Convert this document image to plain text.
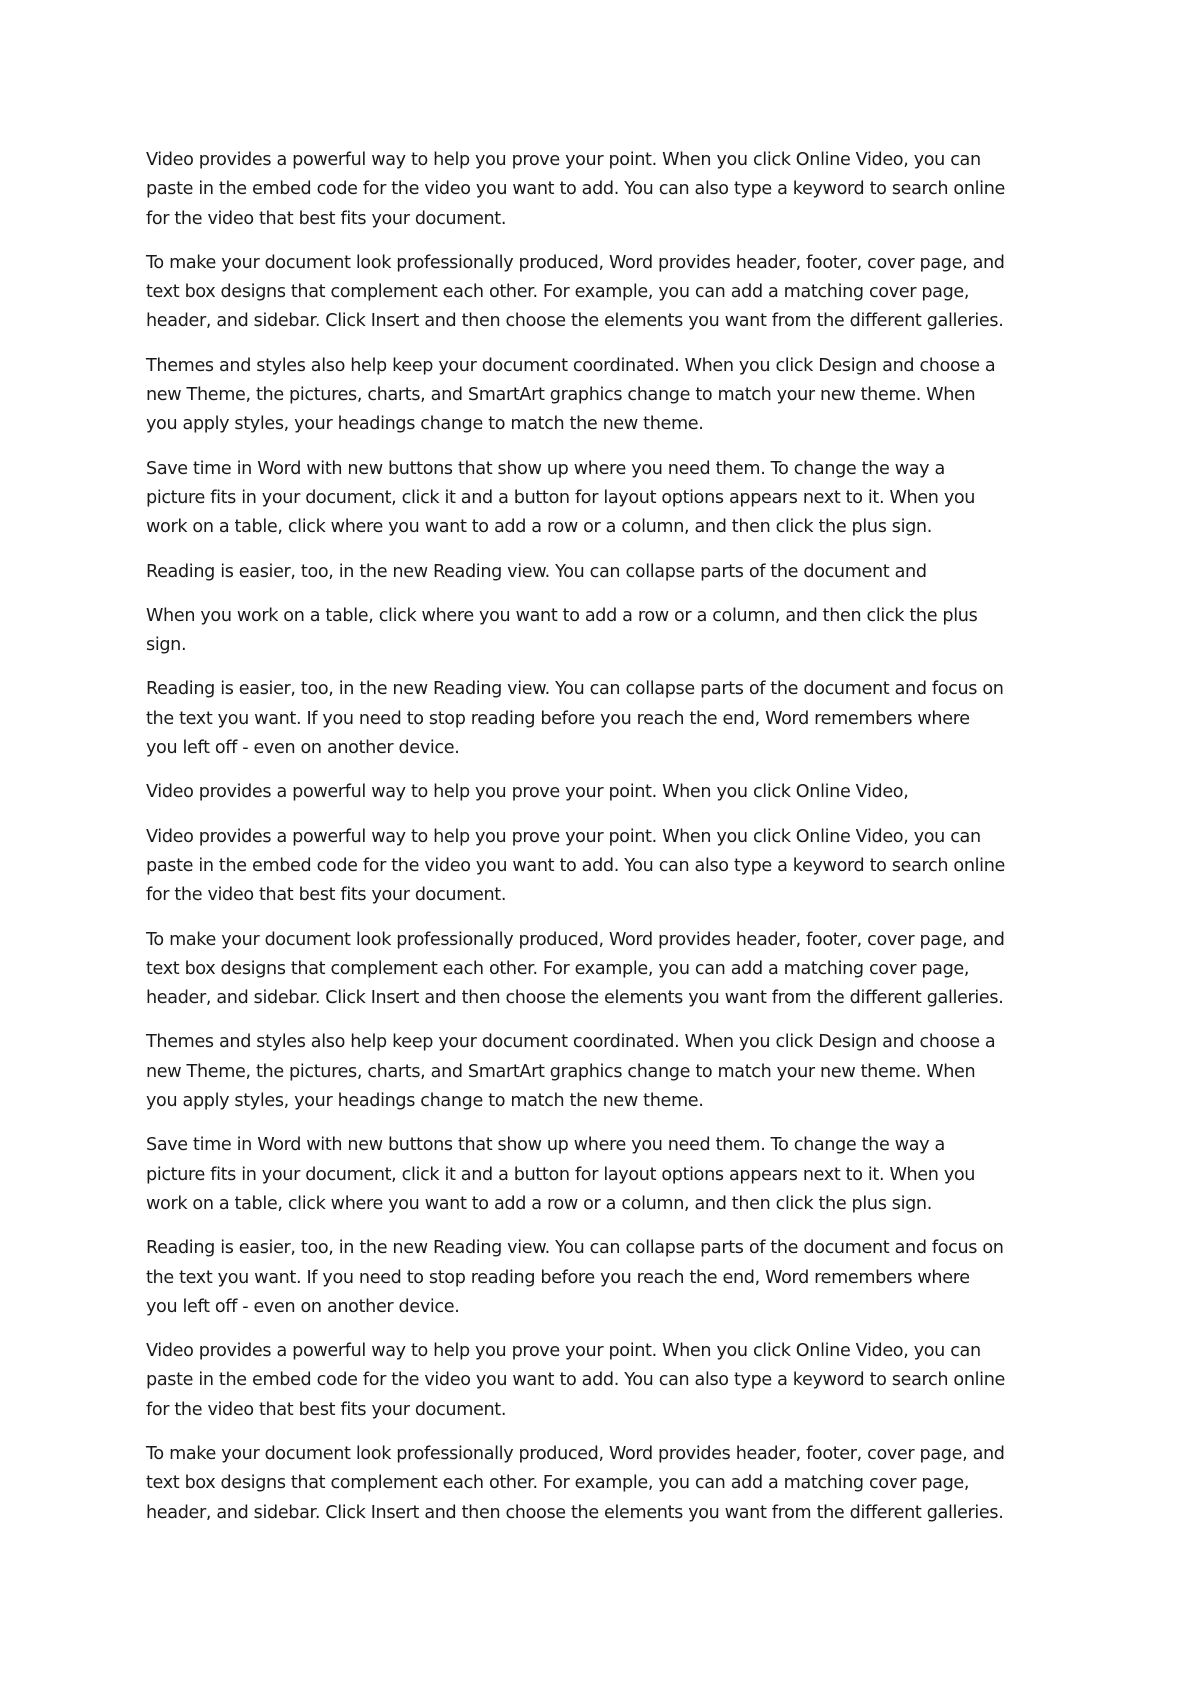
Video provides a powerful way to help you prove your point. When you click Online Video, you can
paste in the embed code for the video you want to add. You can also type a keyword to search online
for the video that best fits your document.

To make your document look professionally produced, Word provides header, footer, cover page, and
text box designs that complement each other. For example, you can add a matching cover page,
header, and sidebar. Click Insert and then choose the elements you want from the different galleries.

Themes and styles also help keep your document coordinated. When you click Design and choose a
new Theme, the pictures, charts, and SmartArt graphics change to match your new theme. When
you apply styles, your headings change to match the new theme.

Save time in Word with new buttons that show up where you need them. To change the way a
picture fits in your document, click it and a button for layout options appears next to it. When you
work on a table, click where you want to add a row or a column, and then click the plus sign.

Reading is easier, too, in the new Reading view. You can collapse parts of the document and

When you work on a table, click where you want to add a row or a column, and then click the plus
sign.

Reading is easier, too, in the new Reading view. You can collapse parts of the document and focus on
the text you want. If you need to stop reading before you reach the end, Word remembers where
you left off - even on another device.

Video provides a powerful way to help you prove your point. When you click Online Video,

Video provides a powerful way to help you prove your point. When you click Online Video, you can
paste in the embed code for the video you want to add. You can also type a keyword to search online
for the video that best fits your document.

To make your document look professionally produced, Word provides header, footer, cover page, and
text box designs that complement each other. For example, you can add a matching cover page,
header, and sidebar. Click Insert and then choose the elements you want from the different galleries.

Themes and styles also help keep your document coordinated. When you click Design and choose a
new Theme, the pictures, charts, and SmartArt graphics change to match your new theme. When
you apply styles, your headings change to match the new theme.

Save time in Word with new buttons that show up where you need them. To change the way a
picture fits in your document, click it and a button for layout options appears next to it. When you
work on a table, click where you want to add a row or a column, and then click the plus sign.

Reading is easier, too, in the new Reading view. You can collapse parts of the document and focus on
the text you want. If you need to stop reading before you reach the end, Word remembers where
you left off - even on another device.

Video provides a powerful way to help you prove your point. When you click Online Video, you can
paste in the embed code for the video you want to add. You can also type a keyword to search online
for the video that best fits your document.

To make your document look professionally produced, Word provides header, footer, cover page, and
text box designs that complement each other. For example, you can add a matching cover page,
header, and sidebar. Click Insert and then choose the elements you want from the different galleries.
